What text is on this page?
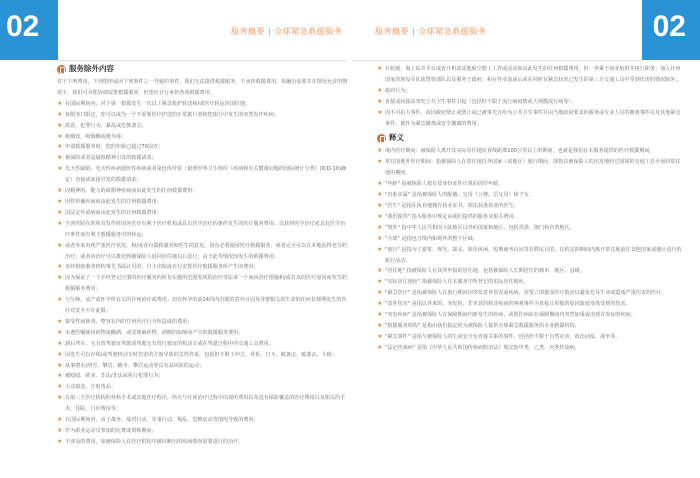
02	服务概要 | 全球紧急救援服务	服务概要 | 全球紧急救援服务	02
服务除外内容
对于下列费用，下列情形或因下列事件之一导致的事件，我们无法提供救援服务，不承担救援费用，如确有需要并在情况允许的情况下，我们可为您协调安排救援服务，但您应自行承担各项救援费用。
★ 在国际期间内，对于第一救援发生一次以上紧急救护转送和/或医疗转运回国往地；
★ 每服务日限定，您可以成为一个不需要医疗护送的正常旅行者和您旅行中发生的突然发作疾病；
★ 故意、犯罪行为、暴乱或恐怖袭击；
★ 吸烟饮、吸烟酗或吸为毒；
★ 申请救援服务时，您的年龄已超过70周岁；
★ 被保险或者是疑似精神引发的救援请求；
★ 先天性缺陷、先天性疾病遗传性疾病或者染色体异常（依照世界卫生组织《疾病和有关健康问题的国际统计分类》(ICD-10)确定）直接或间接引发的救援请求；
★ 因精神的、能力的或精神疾病而由此发生的任何救援费用；
★ 因性传播疾病而由此发生的任何救援费用；
★ 因法定传染病而由此发生的任何救援费用；
★ 不涉医院在的所有发作时国外医疗有利于医疗机构或具有医学治疗的条件发生的医疗服务费用；以获得医学治疗或具有医学治疗条件而有利于救援服务中的转运；
★ 或者外来出现严重医疗状况，和/或者有援救服务和医生的意见，没有必要使用医疗救援服务，或者完全可以在本地获得充分的治疗；或者该治疗可以推迟到被保险人返回居住地以后进行；由于此等情况而发生的救援费用；
★ 未经救助服务机构事先书面认可的，自主出院或自行安排医疗救援服务所产生的费用；
★ 因为保证了一个并经登记注册的医疗服务的所有实施的范围发现的治疗等原来一个而由治疗措施和/或有其的医疗原因而发生的救援服务费用；
★ 与分娩、流产或怀孕所有关的任何治疗或费用；但在怀孕的前24周内出现的意外且因及母婴相关的生命的任何非预期发生的医疗对安全不在此限；
★ 接受性病筛查、整容在内的任何医疗行为所造成的费用；
★ 未遵医嘱使用药物或酗酒、或受到麻药物、酒精的影响而产生的救援服务费用；
★ 酒后驾车、无有效驾驶证驾驶或驾驶无有效行驶证的机动车或在驾驶过程中的交通工具费用；
★ 因发生可以存和/或驾驶机动车时伤害的方而导致的急性作果，包括但不限于冲击、骨折、打斗、被袭击、被袭杀、斗殴；
★ 从事潜水/滑雪、攀岩、跳伞、攀岩运动等具有高风险的运动；
★ 被殴殴、欧美、非法/非法或执行犯罪行为；
★ 主动取食、注射毒品；
★ 在第三方医疗机构的外科手术或其他医疗程序，所有与任何治疗过程中出现的费用以及没有保险覆盖的医疗费用以及相关的手术、住院、门诊费用等；
★ 在国际期间内，由于战争、敌对行动、军事行动、叛乱、恐怖活动等情况导致的费用；
★ 作为职业运动员参加的比赛或训练期间；
★ 不涉及的费用，如被保险人在医疗机构中被诊断出的疾病情况需要进行的治疗。
★ 在轮船、海上钻井平台或直升机或其他航空器上工作或活动而由此发生的任何救援费用，但：坐乘于商业航班并执行职务；加入任何国家的现役军队或警察部队以及服务于政府；和在作业前或后或在同时有紧急状况已发生的第三方交通工具中受到伤害的情况除外；
★ 政府行为；
★ 直接或间接由突发公共卫生事件引起（包括但不限于流行病疫情或大规模流行病等）；
★ 因不可抗力事件，或因政府禁止或禁止或已被事先宣布为公共卫生事件并由当地政府要求的服务或专业人员的撤离事件以及其他紧急事件，被作为紧急撤离或安全撤离的费用。
释义
★ 境内医疗期间：被保险人离开其实际居住地址直线距离100公里以上的期间，也就是我们在本服务提供的医疗救援期间。
★ 常住国地外医疗期间：指被保险人在常住地以外国家（或地区）旅行期间，即指以被保险人的出发地经过国境的交通工具至返回常住地的期间。
★ "年龄" 指被保险人按有效身份证件计算的周岁年龄。
★ "直系亲属" 是指被保险人的配偶、父母（公婆、岳父母）和子女。
★ "医生" 是指在执业地拥有执业证书，依法获准执业的医生。
★ "我们提供" 指本服务中规定由我们提供的服务及相关费用。
★ "境外" 指中华人民共和国大陆地区以外的国家和地区，包括香港、澳门和台湾地区。
★ "全球" 是指包含境内和境外的整个区域。
★ "旅行" 是指为了游览、观光、探亲、娱乐休闲、短期商务访问等非移民目的，在约定的期间内离开常住地前往其他国家或地区进行的旅行活动。
★ "居住地" 指被保险人在其所申报的居住地，包括被保险人长期居住的城市、地区、县级。
★ "实际居住地址" 指被保险人在本服务中所登记的实际居住地址。
★ "紧急医疗" 是指被保险人在旅行期间因突发意外伤害或疾病，需要立即接受医疗救治以避免危及生命或造成严重伤害的医疗。
★ "意外伤害" 是指以外来的、突发的、非本意的和非疾病的客观事件为直接且单独的原因致使身体受到的伤害。
★ "突发疾病" 是指被保险人在保障期间内新发生的疾病，或既往病症在保障期间内突然加重或出现并发症的疾病。
★ "救援服务机构" 是指由我们指定的为被保险人提供全球紧急救援服务的专业救援机构。
★ "紧急事件" 是指与被保险人的生命安全有直接关系的事件，包括但不限于自然灾害、政治动乱、战争等。
★ "法定传染病" 是指《中华人民共和国传染病防治法》规定的甲类、乙类、丙类传染病。
